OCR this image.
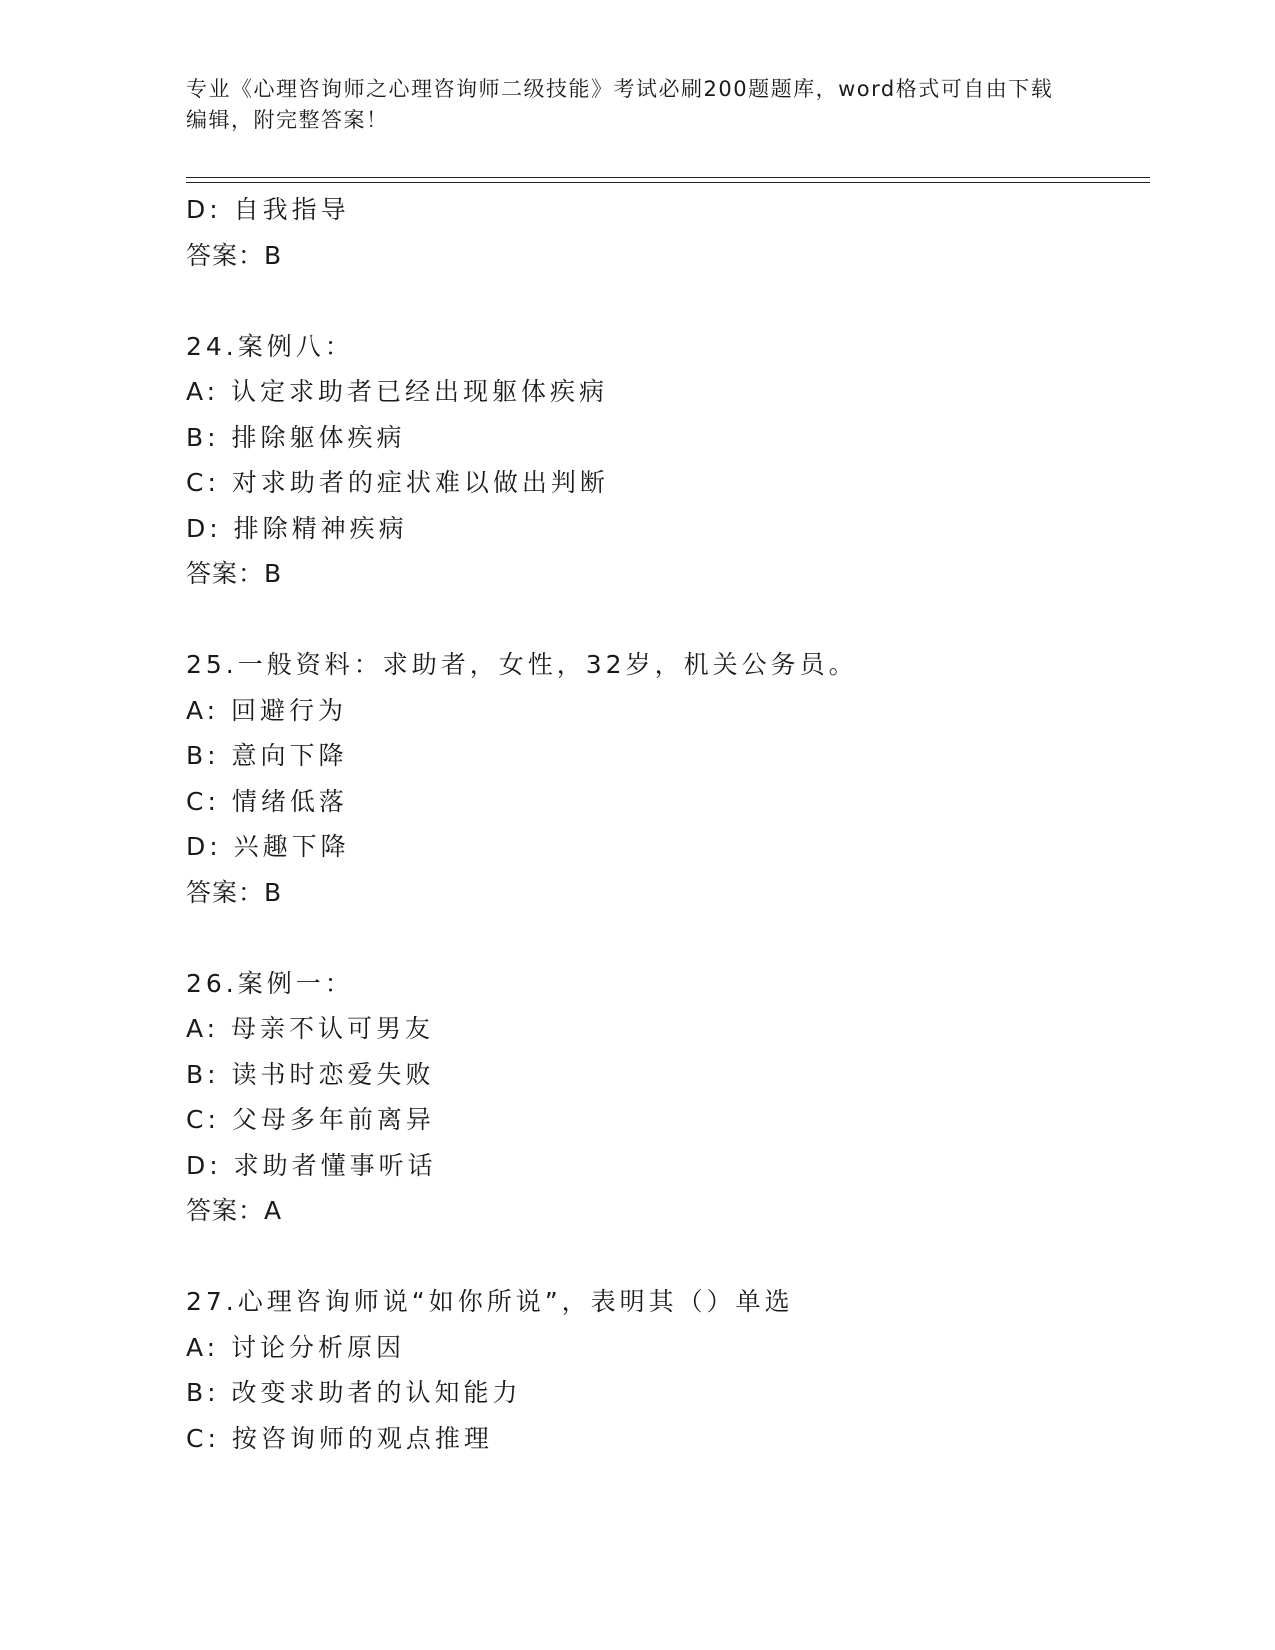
专业《心理咨询师之心理咨询师二级技能》考试必刷200题题库，word格式可自由下载编辑，附完整答案！
D: 自我指导
答案：B
24.案例八：
A: 认定求助者已经出现躯体疾病
B: 排除躯体疾病
C: 对求助者的症状难以做出判断
D: 排除精神疾病
答案：B
25.一般资料：求助者，女性，32岁，机关公务员。
A: 回避行为
B: 意向下降
C: 情绪低落
D: 兴趣下降
答案：B
26.案例一：
A: 母亲不认可男友
B: 读书时恋爱失败
C: 父母多年前离异
D: 求助者懂事听话
答案：A
27.心理咨询师说“如你所说”，表明其（）单选
A: 讨论分析原因
B: 改变求助者的认知能力
C: 按咨询师的观点推理
